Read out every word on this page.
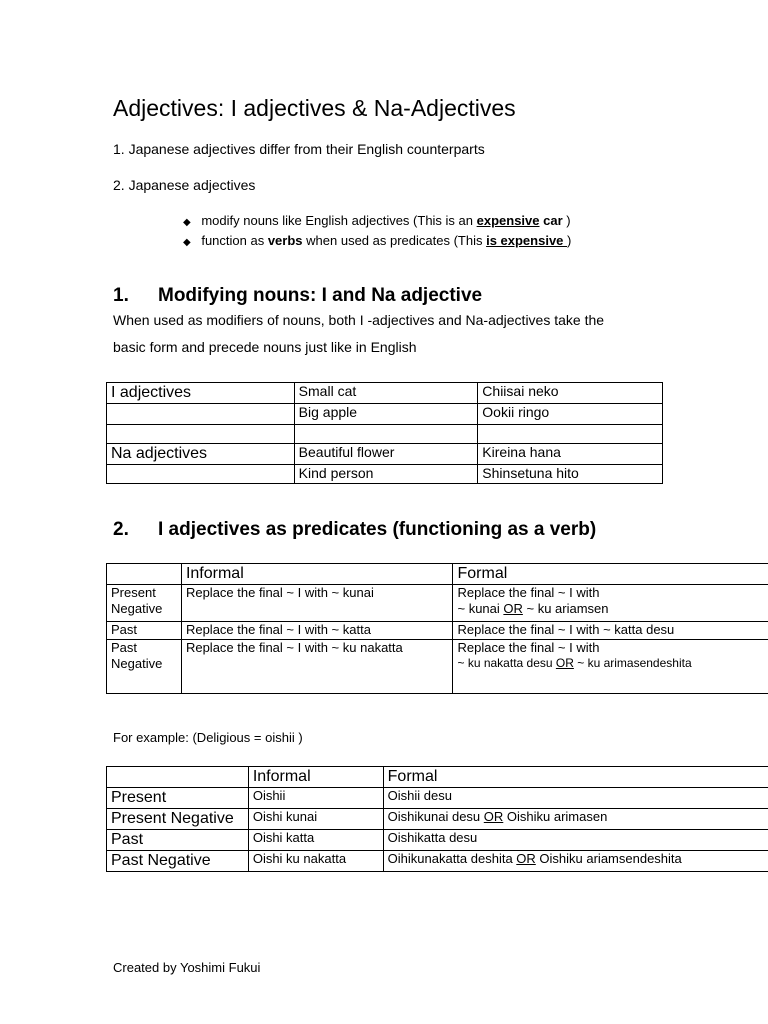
Adjectives: I adjectives & Na-Adjectives
1. Japanese adjectives differ from their English counterparts
2. Japanese adjectives
◆ modify nouns like English adjectives (This is an expensive car )
◆ function as verbs when used as predicates (This is expensive )
1. Modifying nouns: I and Na adjective
When used as modifiers of nouns, both I -adjectives and Na-adjectives take the
basic form and precede nouns just like in English
I adjectives	Small cat	Chiisai neko
	Big apple	Ookii ringo

Na adjectives	Beautiful flower	Kireina hana
	Kind person	Shinsetuna hito
2. I adjectives as predicates (functioning as a verb)
	Informal	Formal
Present Negative	Replace the final ~ I with ~ kunai	Replace the final ~ I with
~ kunai OR ~ ku ariamsen

Past	Replace the final ~ I with ~ katta	Replace the final ~ I with ~ katta desu
Past Negative	Replace the final ~ I with ~ ku nakatta	Replace the final ~ I with
~ ku nakatta desu OR ~ ku arimasendeshita
For example: (Deligious = oishii )
	Informal	Formal
Present	Oishii	Oishii desu
Present Negative	Oishi kunai	Oishikunai desu OR Oishiku arimasen
Past	Oishi katta	Oishikatta desu
Past Negative	Oishi ku nakatta	Oihikunakatta deshita OR Oishiku ariamsendeshita
Created by Yoshimi Fukui
